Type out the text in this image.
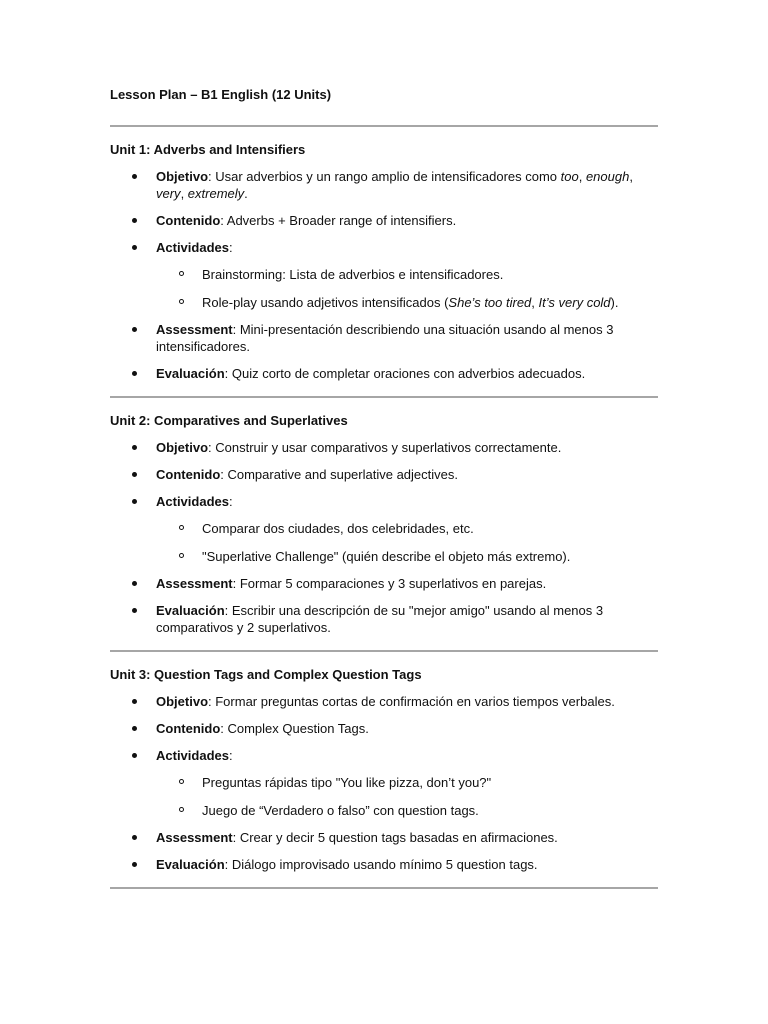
Lesson Plan – B1 English (12 Units)

Unit 1: Adverbs and Intensifiers

Objetivo: Usar adverbios y un rango amplio de intensificadores como too, enough, very, extremely.
Contenido: Adverbs + Broader range of intensifiers.
Actividades:
Brainstorming: Lista de adverbios e intensificadores.
Role-play usando adjetivos intensificados (She’s too tired, It’s very cold).
Assessment: Mini-presentación describiendo una situación usando al menos 3 intensificadores.
Evaluación: Quiz corto de completar oraciones con adverbios adecuados.

Unit 2: Comparatives and Superlatives

Objetivo: Construir y usar comparativos y superlativos correctamente.
Contenido: Comparative and superlative adjectives.
Actividades:
Comparar dos ciudades, dos celebridades, etc.
"Superlative Challenge" (quién describe el objeto más extremo).
Assessment: Formar 5 comparaciones y 3 superlativos en parejas.
Evaluación: Escribir una descripción de su "mejor amigo" usando al menos 3 comparativos y 2 superlativos.

Unit 3: Question Tags and Complex Question Tags

Objetivo: Formar preguntas cortas de confirmación en varios tiempos verbales.
Contenido: Complex Question Tags.
Actividades:
Preguntas rápidas tipo "You like pizza, don’t you?"
Juego de “Verdadero o falso” con question tags.
Assessment: Crear y decir 5 question tags basadas en afirmaciones.
Evaluación: Diálogo improvisado usando mínimo 5 question tags.
